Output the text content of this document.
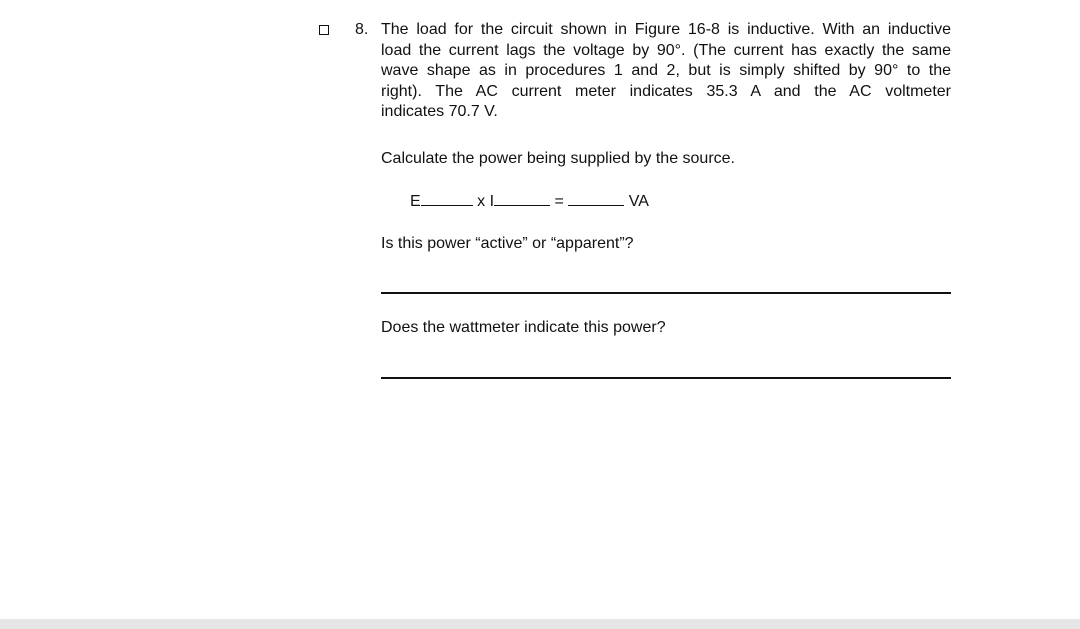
8. The load for the circuit shown in Figure 16-8 is inductive. With an inductive
load the current lags the voltage by 90°. (The current has exactly the same
wave shape as in procedures 1 and 2, but is simply shifted by 90° to the
right). The AC current meter indicates 35.3 A and the AC voltmeter
indicates 70.7 V.
Calculate the power being supplied by the source.
E	x I	=	VA
Is this power “active” or “apparent”?
Does the wattmeter indicate this power?
